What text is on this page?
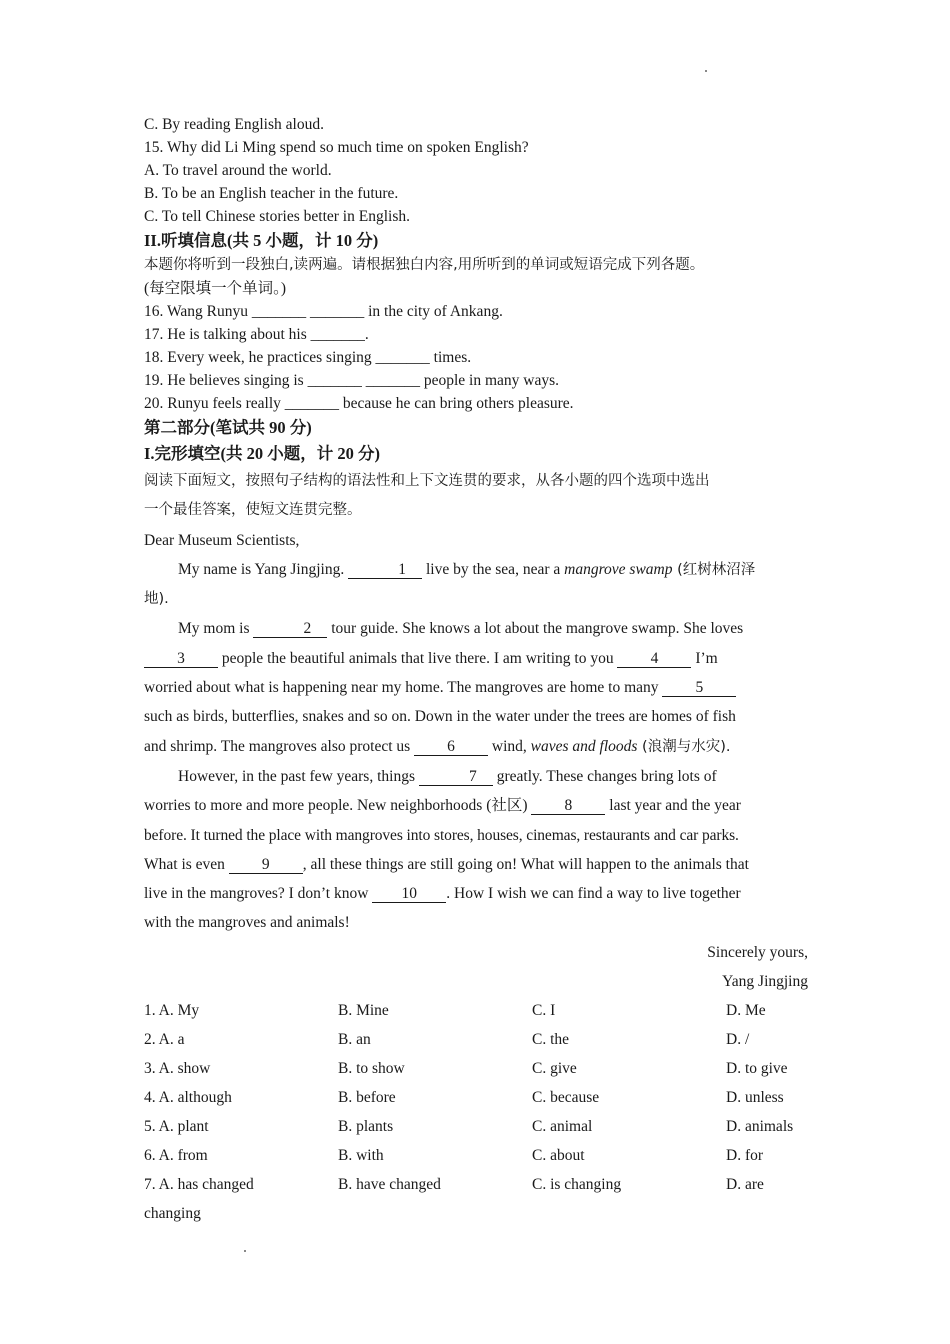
C. By reading English aloud.
15. Why did Li Ming spend so much time on spoken English?
A. To travel around the world.
B. To be an English teacher in the future.
C. To tell Chinese stories better in English.
II.听填信息(共 5 小题，计 10 分)
本题你将听到一段独白,读两遍。请根据独白内容,用所听到的单词或短语完成下列各题。
(每空限填一个单词。)
16. Wang Runyu _______ _______ in the city of Ankang.
17. He is talking about his _______.
18. Every week, he practices singing _______ times.
19. He believes singing is _______ _______ people in many ways.
20. Runyu feels really _______ because he can bring others pleasure.
第二部分(笔试共 90 分)
I.完形填空(共 20 小题，计 20 分)
阅读下面短文，按照句子结构的语法性和上下文连贯的要求，从各小题的四个选项中选出
一个最佳答案，使短文连贯完整。
Dear Museum Scientists,
My name is Yang Jingjing.	1 live by the sea, near a mangrove swamp (红树林沼泽
地).
My mom is	2 tour guide. She knows a lot about the mangrove swamp. She loves
3 people the beautiful animals that live there. I am writing to you 4 I’m
worried about what is happening near my home. The mangroves are home to many 5
such as birds, butterflies, snakes and so on. Down in the water under the trees are homes of fish
and shrimp. The mangroves also protect us 6 wind, waves and floods (浪潮与水灾).
However, in the past few years, things	7 greatly. These changes bring lots of
worries to more and more people. New neighborhoods (社区) 8 last year and the year
before. It turned the place with mangroves into stores, houses, cinemas, restaurants and car parks.
What is even 9 , all these things are still going on! What will happen to the animals that
live in the mangroves? I don’t know 10 . How I wish we can find a way to live together
with the mangroves and animals!
Sincerely yours,
Yang Jingjing
1. A. My	B. Mine	C. I	D. Me
2. A. a	B. an	C. the	D. /
3. A. show	B. to show	C. give	D. to give
4. A. although	B. before	C. because	D. unless
5. A. plant	B. plants	C. animal	D. animals
6. A. from	B. with	C. about	D. for
7. A. has changed	B. have changed	C. is changing	D. are
changing
